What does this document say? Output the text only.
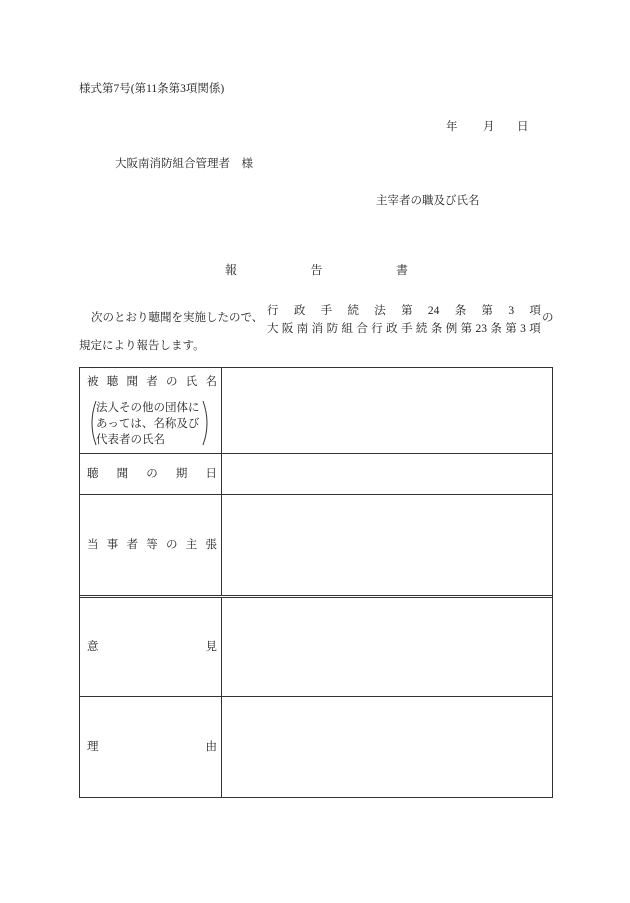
様式第7号(第11条第3項関係)
年 月 日
大阪南消防組合管理者　様
主宰者の職及び氏名
報	告	書
次のとおり聴聞を実施したので、
行 政 手 続 法 第 24 条 第 3 項
大 阪 南 消 防 組 合 行 政 手 続 条 例 第 23 条 第 3 項
の
規定により報告します。
被 聴 聞 者 の 氏 名
法人その他の団体に
あっては、名称及び
代表者の氏名
聴 聞 の 期 日
当 事 者 等 の 主 張
意	見
理	由
